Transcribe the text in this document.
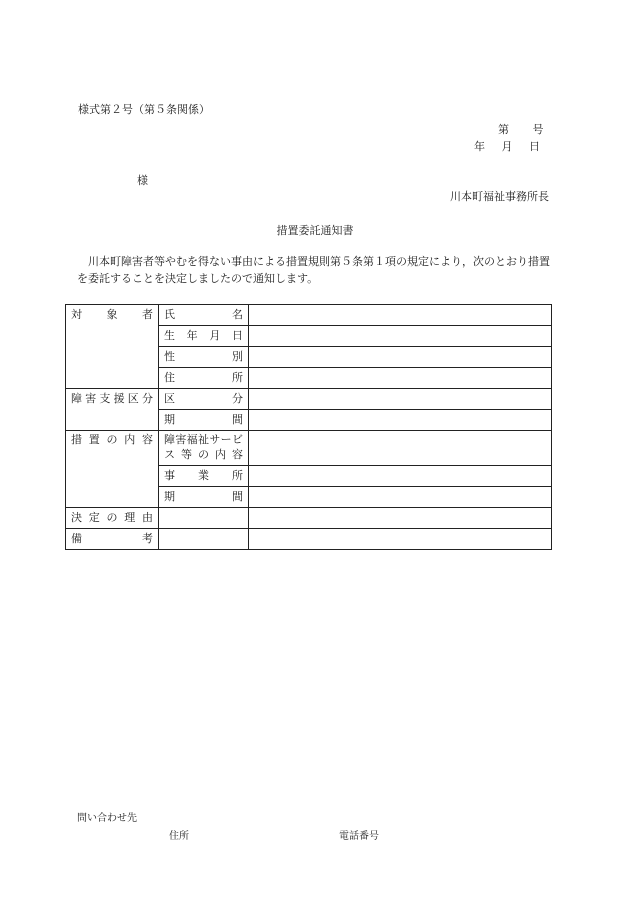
様式第２号（第５条関係）
第 号
年 月 日
様
川本町福祉事務所長
措置委託通知書
川本町障害者等やむを得ない事由による措置規則第５条第１項の規定により，次のとおり措置を委託することを決定しましたので通知します。
対象者	氏名	
	生年月日	
	性別	
	住所	
障害支援区分	区分	
	期間	
措置の内容	障害福祉サービス等の内容	
	事業所	
	期間	
決定の理由		
備考		
問い合わせ先
住所	電話番号
